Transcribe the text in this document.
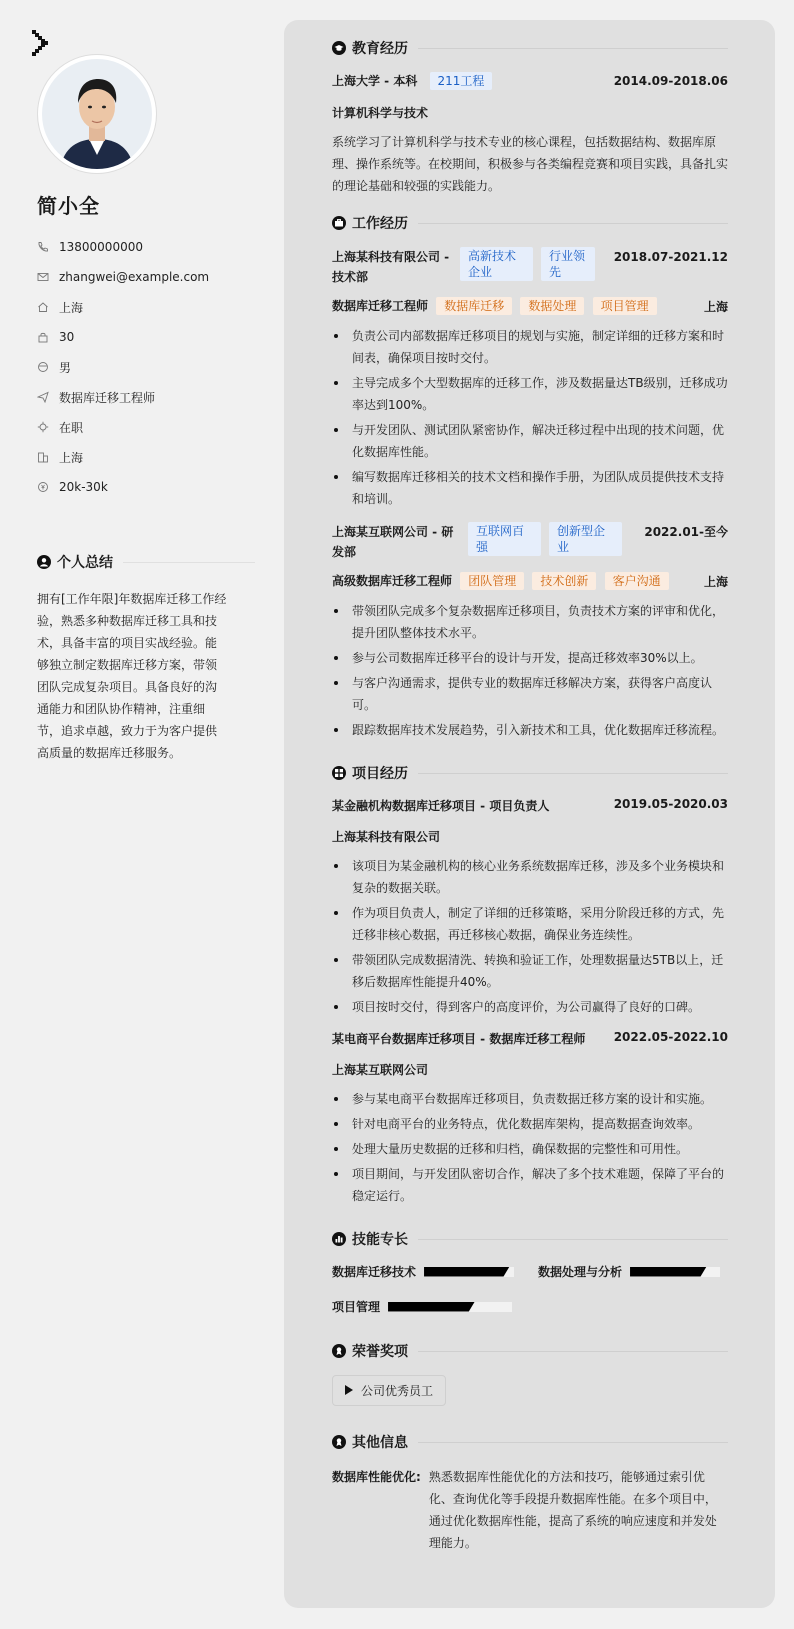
简小全
13800000000
zhangwei@example.com
上海
30
男
数据库迁移工程师
在职
上海
20k-30k
个人总结
拥有[工作年限]年数据库迁移工作经验，熟悉多种数据库迁移工具和技术，具备丰富的项目实战经验。能够独立制定数据库迁移方案，带领团队完成复杂项目。具备良好的沟通能力和团队协作精神，注重细节，追求卓越，致力于为客户提供高质量的数据库迁移服务。
教育经历
上海大学 - 本科 211工程	2014.09-2018.06
计算机科学与技术
系统学习了计算机科学与技术专业的核心课程，包括数据结构、数据库原理、操作系统等。在校期间，积极参与各类编程竞赛和项目实践，具备扎实的理论基础和较强的实践能力。
工作经历
上海某科技有限公司 - 技术部
高新技术企业
行业领先
2018.07-2021.12
数据库迁移工程师 数据库迁移 数据处理 项目管理	上海
负责公司内部数据库迁移项目的规划与实施，制定详细的迁移方案和时间表，确保项目按时交付。
主导完成多个大型数据库的迁移工作，涉及数据量达TB级别，迁移成功率达到100%。
与开发团队、测试团队紧密协作，解决迁移过程中出现的技术问题，优化数据库性能。
编写数据库迁移相关的技术文档和操作手册，为团队成员提供技术支持和培训。
上海某互联网公司 - 研发部
互联网百强
创新型企业
2022.01-至今
高级数据库迁移工程师 团队管理 技术创新 客户沟通	上海
带领团队完成多个复杂数据库迁移项目，负责技术方案的评审和优化，提升团队整体技术水平。
参与公司数据库迁移平台的设计与开发，提高迁移效率30%以上。
与客户沟通需求，提供专业的数据库迁移解决方案，获得客户高度认可。
跟踪数据库技术发展趋势，引入新技术和工具，优化数据库迁移流程。
项目经历
某金融机构数据库迁移项目 - 项目负责人	2019.05-2020.03
上海某科技有限公司
该项目为某金融机构的核心业务系统数据库迁移，涉及多个业务模块和复杂的数据关联。
作为项目负责人，制定了详细的迁移策略，采用分阶段迁移的方式，先迁移非核心数据，再迁移核心数据，确保业务连续性。
带领团队完成数据清洗、转换和验证工作，处理数据量达5TB以上，迁移后数据库性能提升40%。
项目按时交付，得到客户的高度评价，为公司赢得了良好的口碑。
某电商平台数据库迁移项目 - 数据库迁移工程师 2022.05-2022.10
上海某互联网公司
参与某电商平台数据库迁移项目，负责数据迁移方案的设计和实施。
针对电商平台的业务特点，优化数据库架构，提高数据查询效率。
处理大量历史数据的迁移和归档，确保数据的完整性和可用性。
项目期间，与开发团队密切合作，解决了多个技术难题，保障了平台的稳定运行。
技能专长
数据库迁移技术	数据处理与分析
项目管理
荣誉奖项
公司优秀员工
其他信息
数据库性能优化: 熟悉数据库性能优化的方法和技巧，能够通过索引优化、查询优化等手段提升数据库性能。在多个项目中，通过优化数据库性能，提高了系统的响应速度和并发处理能力。
